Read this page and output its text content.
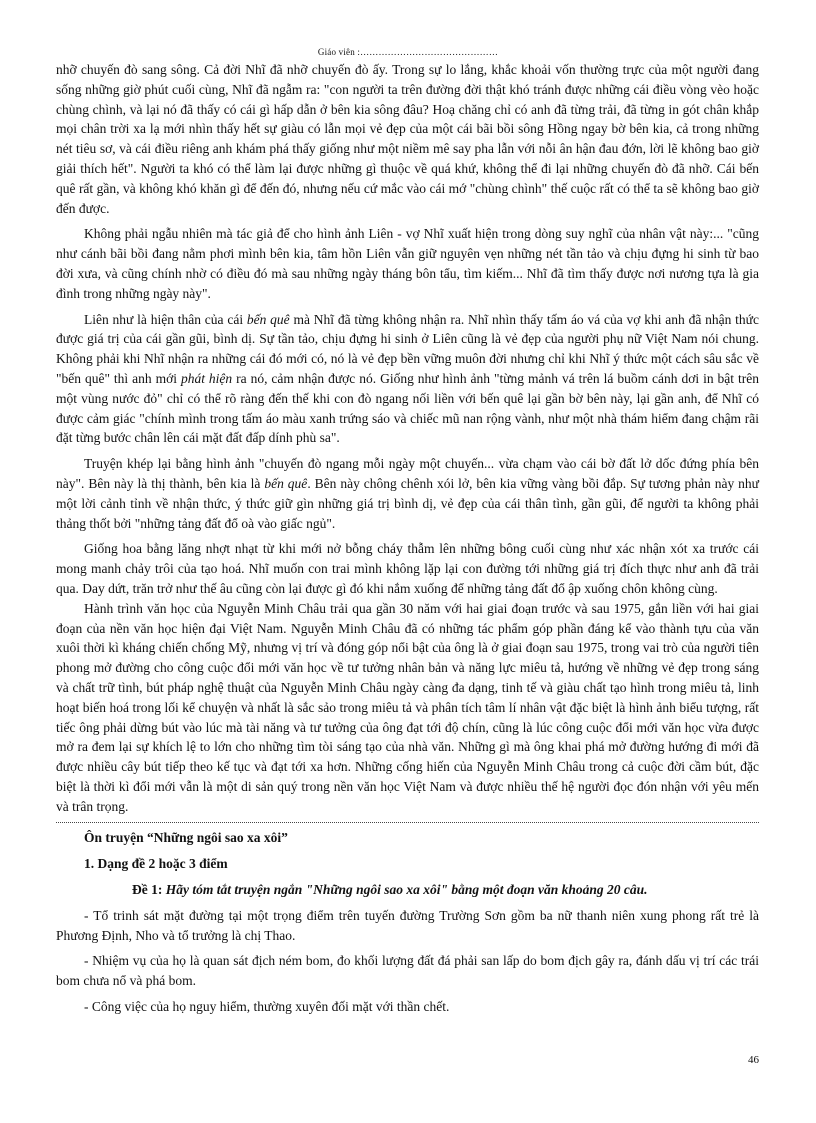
Giáo viên :………………………………………

nhỡ chuyến đò sang sông. Cả đời Nhĩ đã nhỡ chuyến đò ấy. Trong sự lo lắng, khắc khoải vốn thường trực của một người đang sống những giờ phút cuối cùng, Nhĩ đã ngẫm ra: "con người ta trên đường đời thật khó tránh được những cái điều vòng vèo hoặc chùng chình, và lại nó đã thấy có cái gì hấp dẫn ở bên kia sông đâu? Hoạ chăng chỉ có anh đã từng trải, đã từng in gót chân khắp mọi chân trời xa lạ mới nhìn thấy hết sự giàu có lẫn mọi vẻ đẹp của một cái bãi bồi sông Hồng ngay bờ bên kia, cả trong những nét tiêu sơ, và cái điều riêng anh khám phá thấy giống như một niềm mê say pha lẫn với nỗi ân hận đau đớn, lời lẽ không bao giờ giải thích hết". Người ta khó có thể làm lại được những gì thuộc về quá khứ, không thể đi lại những chuyến đò đã nhỡ. Cái bến quê rất gần, và không khó khăn gì để đến đó, nhưng nếu cứ mắc vào cái mớ "chùng chình" thế cuộc rất có thể ta sẽ không bao giờ đến được.

Không phải ngẫu nhiên mà tác giả để cho hình ảnh Liên - vợ Nhĩ xuất hiện trong dòng suy nghĩ của nhân vật này:... "cũng như cánh bãi bồi đang nằm phơi mình bên kia, tâm hồn Liên vẫn giữ nguyên vẹn những nét tần tảo và chịu đựng hi sinh từ bao đời xưa, và cũng chính nhờ có điều đó mà sau những ngày tháng bôn tẩu, tìm kiếm... Nhĩ đã tìm thấy được nơi nương tựa là gia đình trong những ngày này".

Liên như là hiện thân của cái bến quê mà Nhĩ đã từng không nhận ra. Nhĩ nhìn thấy tấm áo vá của vợ khi anh đã nhận thức được giá trị của cái gần gũi, bình dị. Sự tần tảo, chịu đựng hi sinh ở Liên cũng là vẻ đẹp của người phụ nữ Việt Nam nói chung. Không phải khi Nhĩ nhận ra những cái đó mới có, nó là vẻ đẹp bền vững muôn đời nhưng chỉ khi Nhĩ ý thức một cách sâu sắc về "bến quê" thì anh mới phát hiện ra nó, cảm nhận được nó. Giống như hình ảnh "từng mảnh vá trên lá buồm cánh dơi in bật trên một vùng nước đỏ" chỉ có thể rõ ràng đến thế khi con đò ngang nối liền với bến quê lại gần bờ bên này, lại gần anh, để Nhĩ có được cảm giác "chính mình trong tấm áo màu xanh trứng sáo và chiếc mũ nan rộng vành, như một nhà thám hiểm đang chậm rãi đặt từng bước chân lên cái mặt đất đấp dính phù sa".

Truyện khép lại bằng hình ảnh "chuyến đò ngang mỗi ngày một chuyến... vừa chạm vào cái bờ đất lở dốc đứng phía bên này". Bên này là thị thành, bên kia là bến quê. Bên này chông chênh xói lở, bên kia vững vàng bồi đắp. Sự tương phản này như một lời cảnh tỉnh về nhận thức, ý thức giữ gìn những giá trị bình dị, vẻ đẹp của cái thân tình, gần gũi, để người ta không phải thảng thốt bởi "những tảng đất đổ oà vào giấc ngủ".

Giống hoa bằng lăng nhợt nhạt từ khi mới nở bỗng cháy thẫm lên những bông cuối cùng như xác nhận xót xa trước cái mong manh chảy trôi của tạo hoá. Nhĩ muốn con trai mình không lặp lại con đường tới những giá trị đích thực như anh đã trải qua. Day dứt, trăn trở như thế âu cũng còn lại được gì đó khi nắm xuống để những tảng đất đổ ập xuống chôn không cùng.

Hành trình văn học của Nguyễn Minh Châu trải qua gần 30 năm với hai giai đoạn trước và sau 1975, gắn liền với hai giai đoạn của nền văn học hiện đại Việt Nam. Nguyễn Minh Châu đã có những tác phẩm góp phần đáng kể vào thành tựu của văn xuôi thời kì kháng chiến chống Mỹ, nhưng vị trí và đóng góp nổi bật của ông là ở giai đoạn sau 1975, trong vai trò của người tiên phong mở đường cho công cuộc đổi mới văn học về tư tưởng nhân bản và năng lực miêu tả, hướng về những vẻ đẹp trong sáng và chất trữ tình, bút pháp nghệ thuật của Nguyễn Minh Châu ngày càng đa dạng, tinh tế và giàu chất tạo hình trong miêu tả, linh hoạt biến hoá trong lối kể chuyện và nhất là sắc sảo trong miêu tả và phân tích tâm lí nhân vật đặc biệt là hình ảnh biểu tượng, rất tiếc ông phải dừng bút vào lúc mà tài năng và tư tưởng của ông đạt tới độ chín, cũng là lúc công cuộc đổi mới văn học vừa được mở ra đem lại sự khích lệ to lớn cho những tìm tòi sáng tạo của nhà văn. Những gì mà ông khai phá mở đường hướng đi mới đã được nhiều cây bút tiếp theo kế tục và đạt tới xa hơn. Những cống hiến của Nguyễn Minh Châu trong cả cuộc đời cầm bút, đặc biệt là thời kì đổi mới vẫn là một di sản quý trong nền văn học Việt Nam và được nhiều thế hệ người đọc đón nhận với yêu mến và trân trọng.

Ôn truyện “Những ngôi sao xa xôi”

1. Dạng đề 2 hoặc 3 điểm

Đề 1: Hãy tóm tắt truyện ngắn "Những ngôi sao xa xôi" bằng một đoạn văn khoảng 20 câu.

- Tổ trinh sát mặt đường tại một trọng điểm trên tuyến đường Trường Sơn gồm ba nữ thanh niên xung phong rất trẻ là Phương Định, Nho và tổ trưởng là chị Thao.

- Nhiệm vụ của họ là quan sát địch ném bom, đo khối lượng đất đá phải san lấp do bom địch gây ra, đánh dấu vị trí các trái bom chưa nổ và phá bom.

- Công việc của họ nguy hiểm, thường xuyên đối mặt với thần chết.

46
